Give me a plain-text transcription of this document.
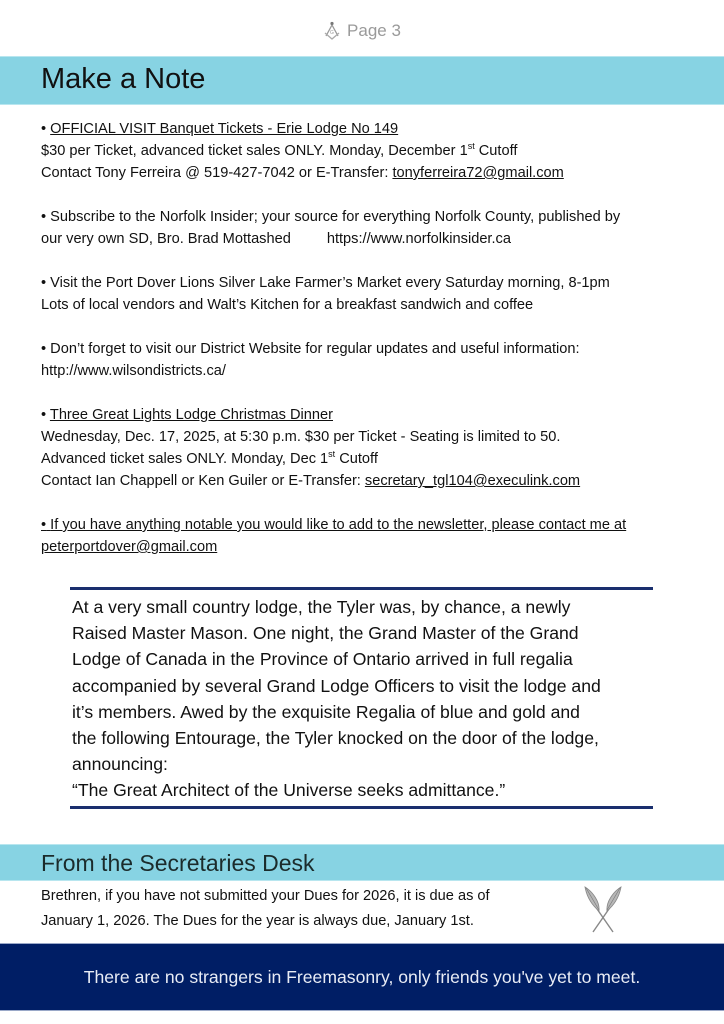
G Page 3
Make a Note

• OFFICIAL VISIT Banquet Tickets - Erie Lodge No 149

$30 per Ticket, advanced ticket sales ONLY. Monday, December 1st Cutoff

Contact Tony Ferreira @ 519-427-7042 or E-Transfer: tonyferreira72@gmail.com

• Subscribe to the Norfolk Insider; your source for everything Norfolk County, published by

our very own SD, Bro. Brad Mottashed https://www.norfolkinsider.ca

• Visit the Port Dover Lions Silver Lake Farmer’s Market every Saturday morning, 8-1pm

Lots of local vendors and Walt’s Kitchen for a breakfast sandwich and coffee

• Don’t forget to visit our District Website for regular updates and useful information:

http://www.wilsondistricts.ca/

• Three Great Lights Lodge Christmas Dinner

Wednesday, Dec. 17, 2025, at 5:30 p.m. $30 per Ticket - Seating is limited to 50.

Advanced ticket sales ONLY. Monday, Dec 1st Cutoff

Contact Ian Chappell or Ken Guiler or E-Transfer: secretary_tgl104@execulink.com

• If you have anything notable you would like to add to the newsletter, please contact me at

peterportdover@gmail.com

At a very small country lodge, the Tyler was, by chance, a newly

Raised Master Mason. One night, the Grand Master of the Grand

Lodge of Canada in the Province of Ontario arrived in full regalia

accompanied by several Grand Lodge Officers to visit the lodge and

it’s members. Awed by the exquisite Regalia of blue and gold and

the following Entourage, the Tyler knocked on the door of the lodge,

announcing:

“The Great Architect of the Universe seeks admittance.”

From the Secretaries Desk

Brethren, if you have not submitted your Dues for 2026, it is due as of

January 1, 2026. The Dues for the year is always due, January 1st.

There are no strangers in Freemasonry, only friends you've yet to meet.
